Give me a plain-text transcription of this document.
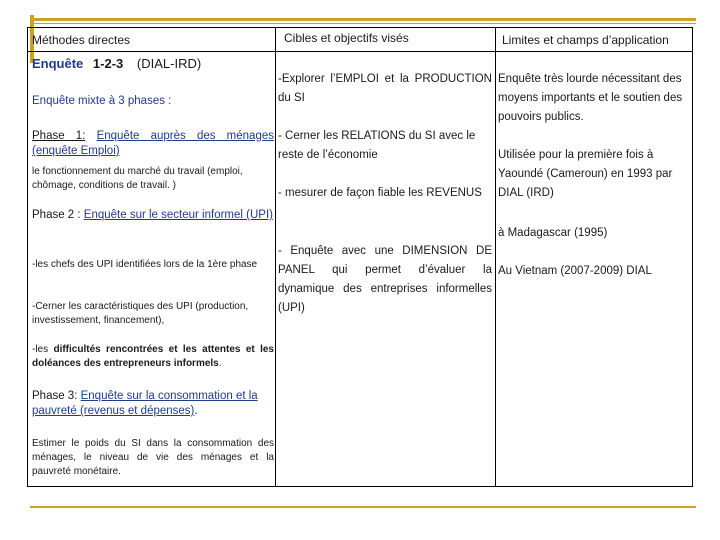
Méthodes directes	Cibles et objectifs visés	Limites et champs d’application
Enquête 1-2-3 (DIAL-IRD)
Enquête mixte à 3 phases :
Phase 1: Enquête auprès des ménages (enquête Emploi)
le fonctionnement du marché du travail (emploi, chômage, conditions de travail. )
Phase 2 : Enquête sur le secteur informel (UPI)
-les chefs des UPI identifiées lors de la 1ère phase
-Cerner les caractéristiques des UPI (production, investissement, financement),
-les difficultés rencontrées et les attentes et les doléances des entrepreneurs informels.
Phase 3: Enquête sur la consommation et la pauvreté (revenus et dépenses).
Estimer le poids du SI dans la consommation des ménages, le niveau de vie des ménages et la pauvreté monétaire.
-Explorer l’EMPLOI et la PRODUCTION du SI
- Cerner les RELATIONS du SI avec le reste de l’économie
- mesurer de façon fiable les REVENUS
- Enquête avec une DIMENSION DE PANEL qui permet d’évaluer la dynamique des entreprises informelles (UPI)
Enquête très lourde nécessitant des moyens importants et le soutien des pouvoirs publics.
Utilisée pour la première fois à Yaoundé (Cameroun) en 1993 par DIAL (IRD)
à Madagascar (1995)
Au Vietnam (2007-2009) DIAL
